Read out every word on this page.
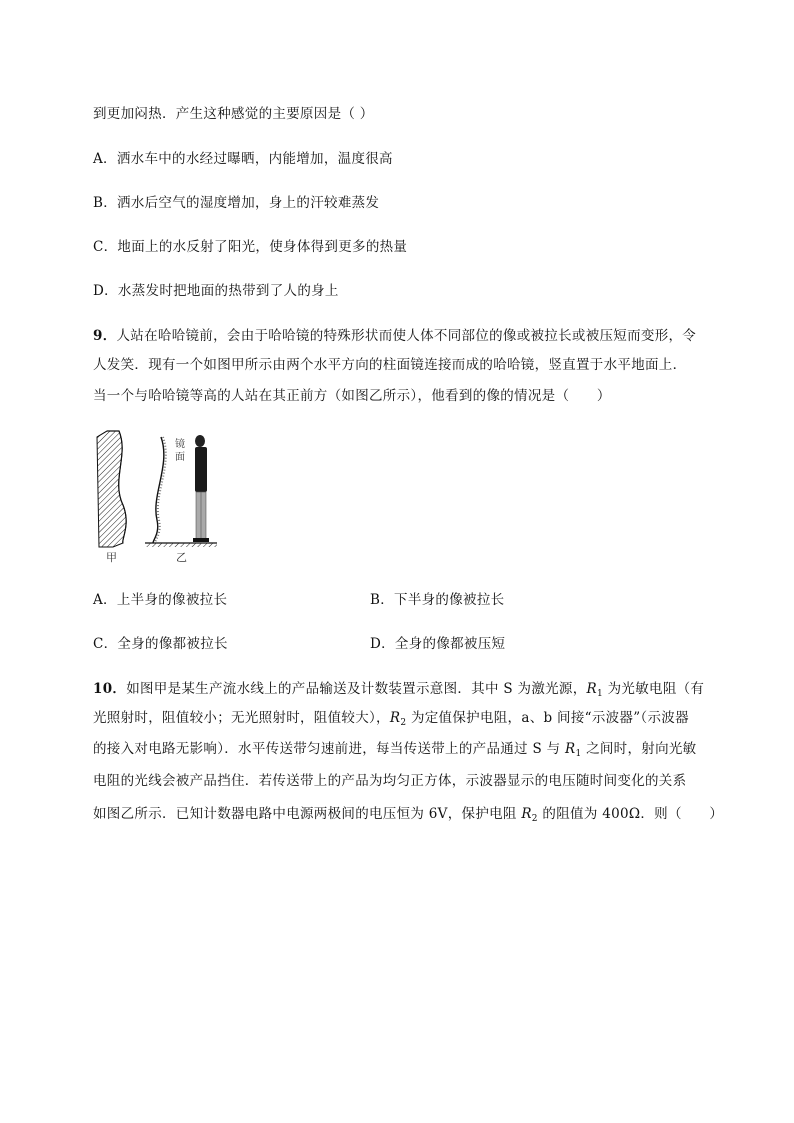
到更加闷热．产生这种感觉的主要原因是（ ）
A．洒水车中的水经过曝晒，内能增加，温度很高
B．洒水后空气的湿度增加，身上的汗较难蒸发
C．地面上的水反射了阳光，使身体得到更多的热量
D．水蒸发时把地面的热带到了人的身上
9．人站在哈哈镜前，会由于哈哈镜的特殊形状而使人体不同部位的像或被拉长或被压短而变形，令
人发笑．现有一个如图甲所示由两个水平方向的柱面镜连接而成的哈哈镜，竖直置于水平地面上．
当一个与哈哈镜等高的人站在其正前方（如图乙所示），他看到的像的情况是（　　）
甲
镜
面
乙
A．上半身的像被拉长	B．下半身的像被拉长
C．全身的像都被拉长	D．全身的像都被压短
10．如图甲是某生产流水线上的产品输送及计数装置示意图．其中 S 为激光源，$R_1$ 为光敏电阻（有
光照射时，阻值较小；无光照射时，阻值较大），$R_2$ 为定值保护电阻，a、b 间接“示波器”（示波器
的接入对电路无影响）．水平传送带匀速前进，每当传送带上的产品通过 S 与 $R_1$ 之间时，射向光敏
电阻的光线会被产品挡住．若传送带上的产品为均匀正方体，示波器显示的电压随时间变化的关系
如图乙所示．已知计数器电路中电源两极间的电压恒为 6V，保护电阻 $R_2$ 的阻值为 400Ω．则（　　）
